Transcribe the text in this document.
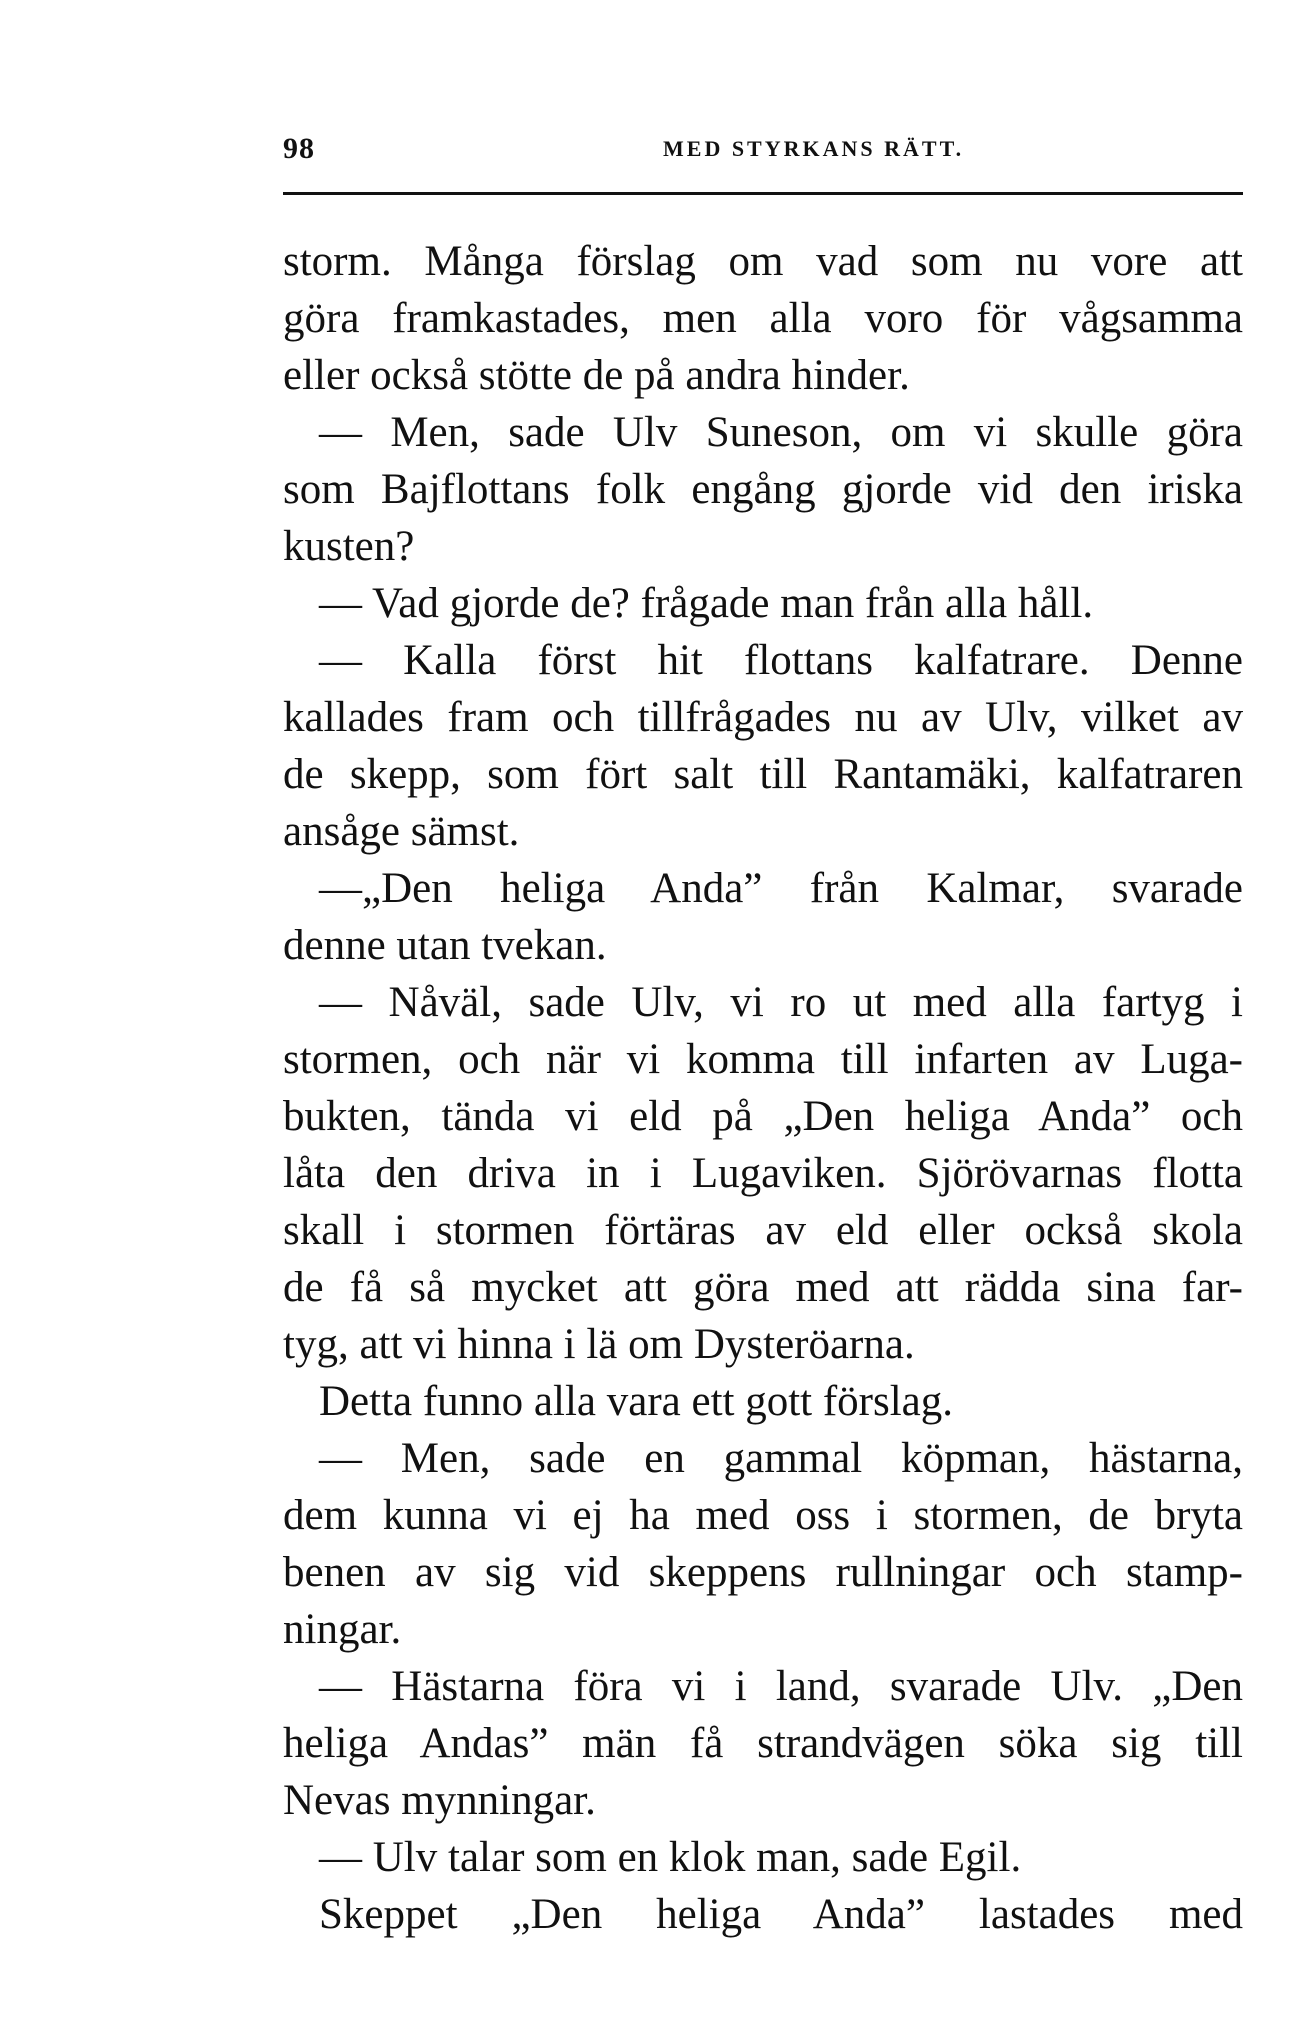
98	MED STYRKANS RÄTT.
storm. Många förslag om vad som nu vore att
göra framkastades, men alla voro för vågsamma
eller också stötte de på andra hinder.
— Men, sade Ulv Suneson, om vi skulle göra
som Bajflottans folk engång gjorde vid den iriska
kusten?
— Vad gjorde de? frågade man från alla håll.
— Kalla först hit flottans kalfatrare. Denne
kallades fram och tillfrågades nu av Ulv, vilket av
de skepp, som fört salt till Rantamäki, kalfatraren
ansåge sämst.
—„Den heliga Anda” från Kalmar, svarade
denne utan tvekan.
— Nåväl, sade Ulv, vi ro ut med alla fartyg i
stormen, och när vi komma till infarten av Luga-
bukten, tända vi eld på „Den heliga Anda” och
låta den driva in i Lugaviken. Sjörövarnas flotta
skall i stormen förtäras av eld eller också skola
de få så mycket att göra med att rädda sina far-
tyg, att vi hinna i lä om Dysteröarna.
Detta funno alla vara ett gott förslag.
— Men, sade en gammal köpman, hästarna,
dem kunna vi ej ha med oss i stormen, de bryta
benen av sig vid skeppens rullningar och stamp-
ningar.
— Hästarna föra vi i land, svarade Ulv. „Den
heliga Andas” män få strandvägen söka sig till
Nevas mynningar.
— Ulv talar som en klok man, sade Egil.
Skeppet „Den heliga Anda” lastades med
